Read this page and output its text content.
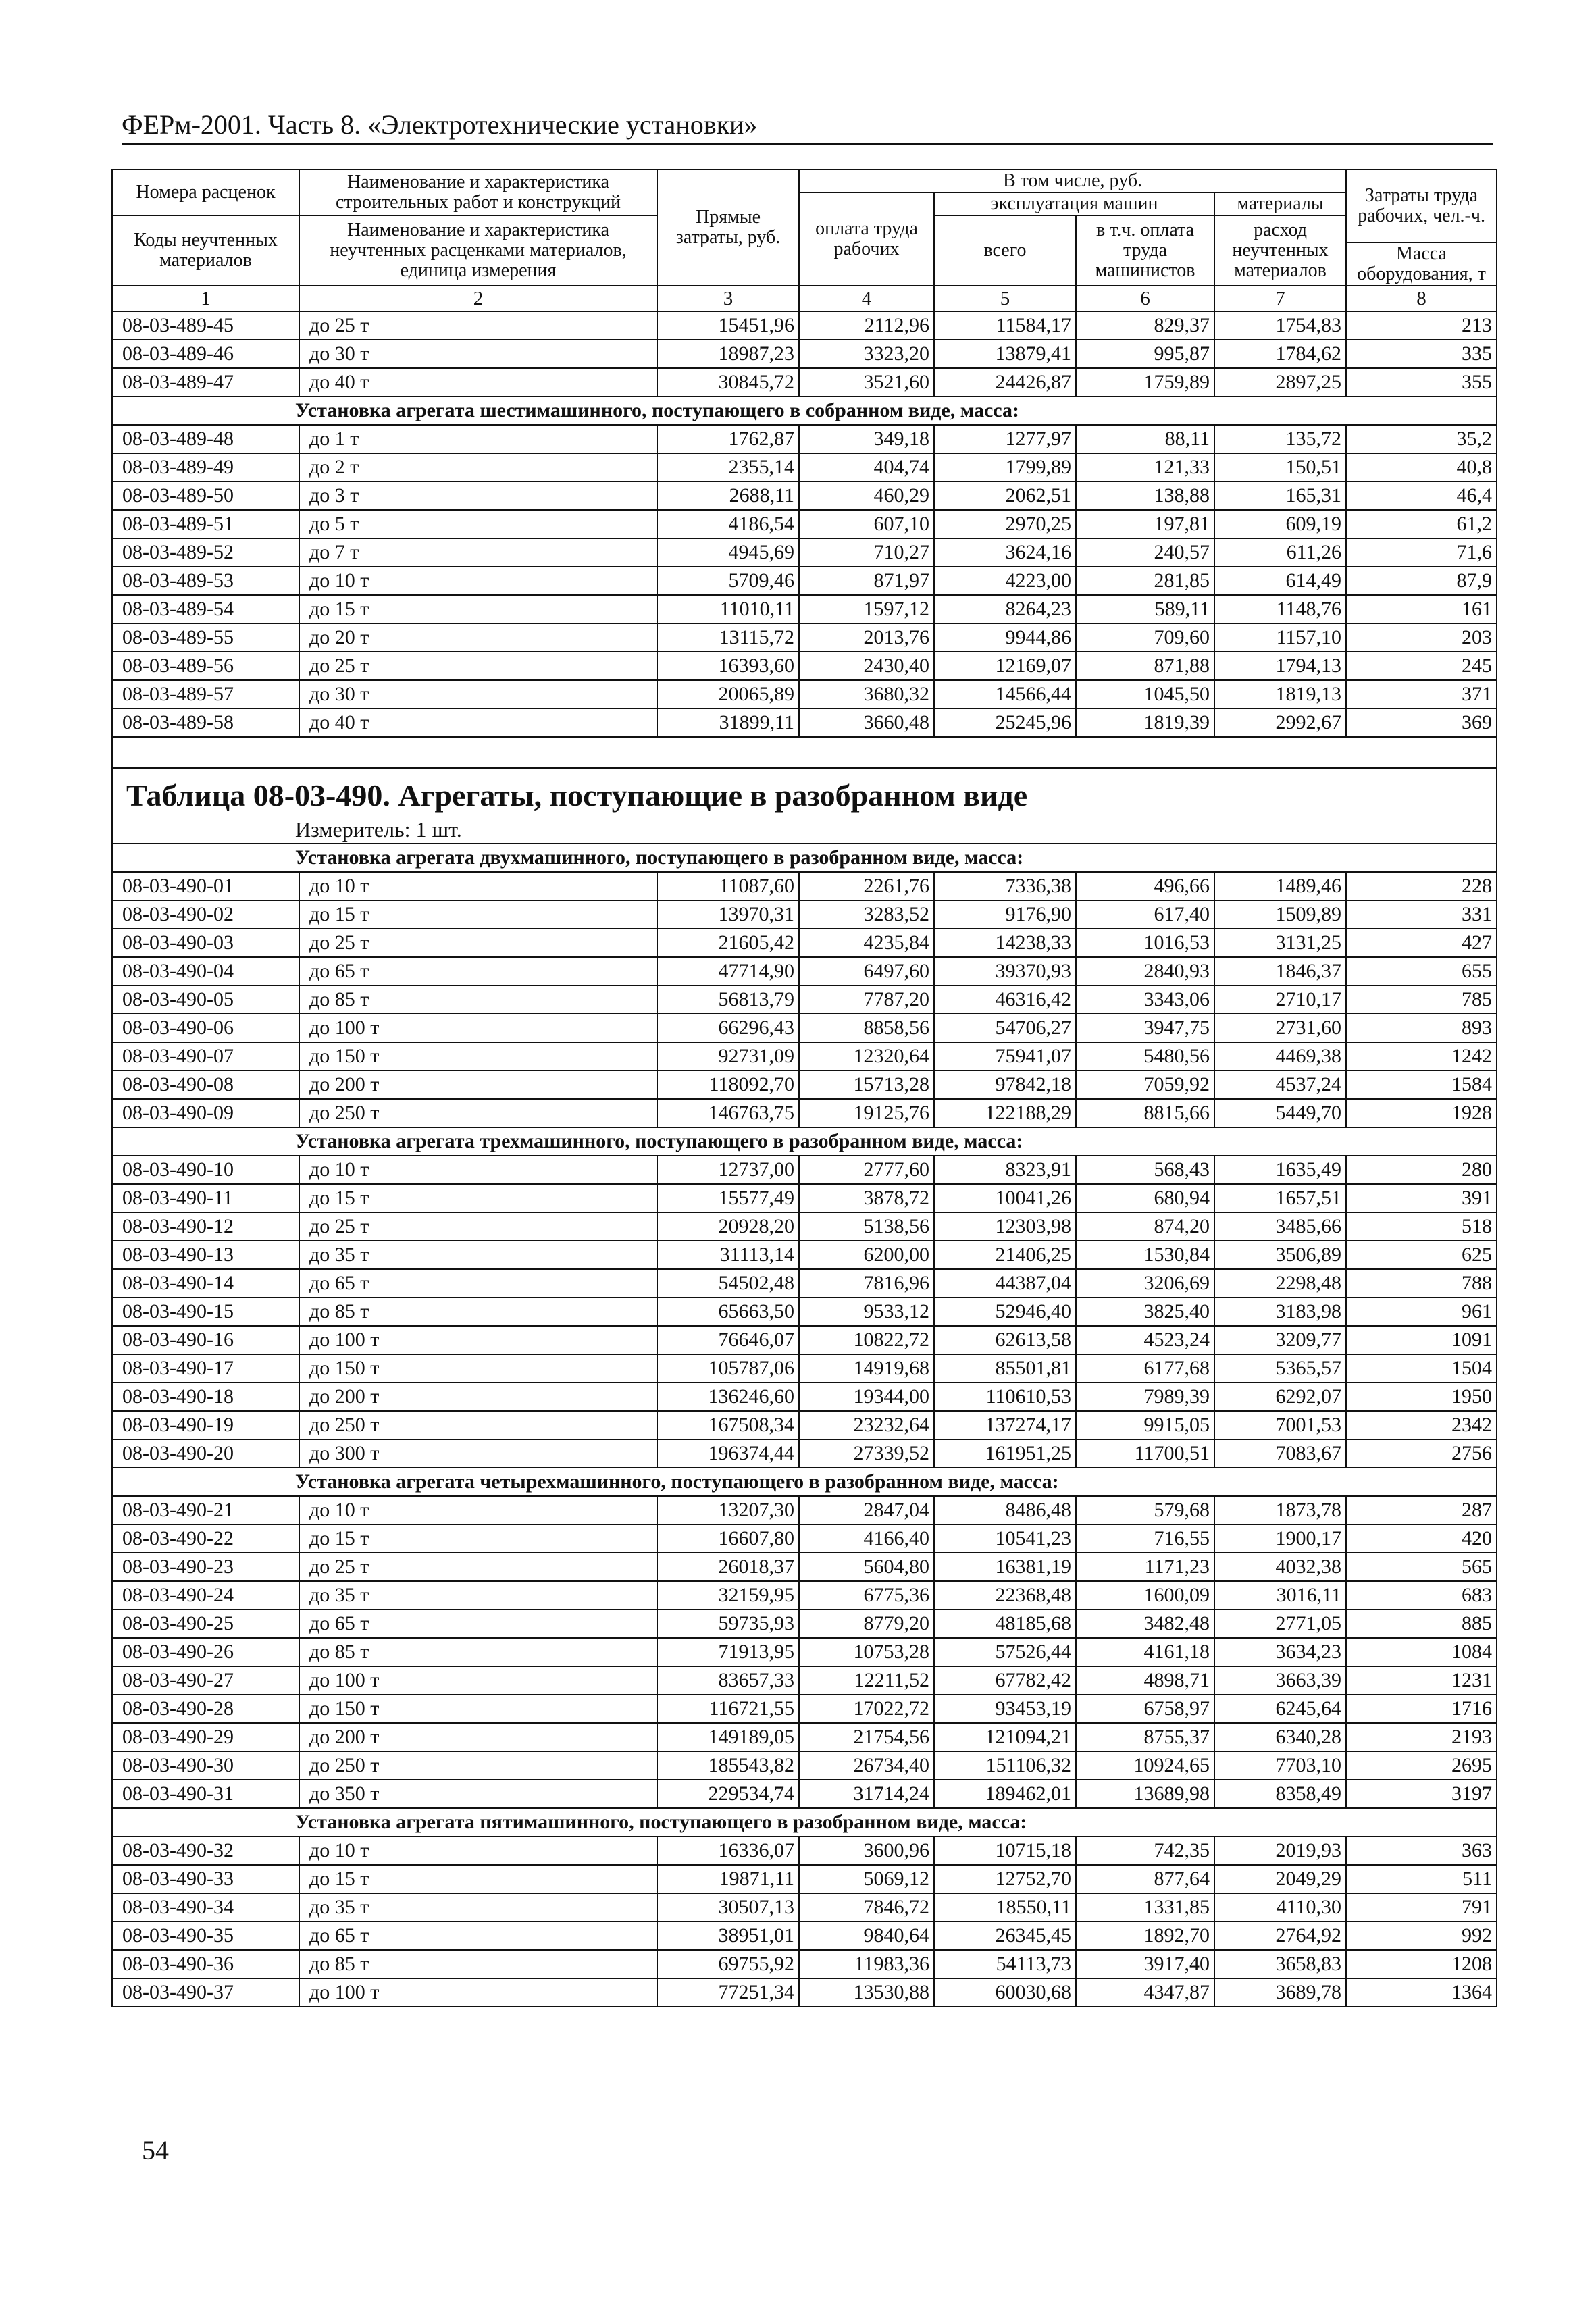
ФЕРм-2001. Часть 8. «Электротехнические установки»
Номера расценок	Наименование и характеристика строительных работ и конструкций	Прямые затраты, руб.	В том числе, руб.				Затраты труда рабочих, чел.-ч.
			оплата труда рабочих	эксплуатация машин		материалы	
Коды неучтенных материалов	Наименование и характеристика неучтенных расценками материалов, единица измерения			всего	в т.ч. оплата труда машинистов	расход неучтенных материалов	
							Масса оборудования, т
1	2	3	4	5	6	7	8
08-03-489-45	до 25 т	15451,96	2112,96	11584,17	829,37	1754,83	213
08-03-489-46	до 30 т	18987,23	3323,20	13879,41	995,87	1784,62	335
08-03-489-47	до 40 т	30845,72	3521,60	24426,87	1759,89	2897,25	355
Установка агрегата шестимашинного, поступающего в собранном виде, масса:							
08-03-489-48	до 1 т	1762,87	349,18	1277,97	88,11	135,72	35,2
08-03-489-49	до 2 т	2355,14	404,74	1799,89	121,33	150,51	40,8
08-03-489-50	до 3 т	2688,11	460,29	2062,51	138,88	165,31	46,4
08-03-489-51	до 5 т	4186,54	607,10	2970,25	197,81	609,19	61,2
08-03-489-52	до 7 т	4945,69	710,27	3624,16	240,57	611,26	71,6
08-03-489-53	до 10 т	5709,46	871,97	4223,00	281,85	614,49	87,9
08-03-489-54	до 15 т	11010,11	1597,12	8264,23	589,11	1148,76	161
08-03-489-55	до 20 т	13115,72	2013,76	9944,86	709,60	1157,10	203
08-03-489-56	до 25 т	16393,60	2430,40	12169,07	871,88	1794,13	245
08-03-489-57	до 30 т	20065,89	3680,32	14566,44	1045,50	1819,13	371
08-03-489-58	до 40 т	31899,11	3660,48	25245,96	1819,39	2992,67	369

Таблица 08-03-490. Агрегаты, поступающие в разобранном виде							
Измеритель: 1 шт.							
Установка агрегата двухмашинного, поступающего в разобранном виде, масса:							
08-03-490-01	до 10 т	11087,60	2261,76	7336,38	496,66	1489,46	228
08-03-490-02	до 15 т	13970,31	3283,52	9176,90	617,40	1509,89	331
08-03-490-03	до 25 т	21605,42	4235,84	14238,33	1016,53	3131,25	427
08-03-490-04	до 65 т	47714,90	6497,60	39370,93	2840,93	1846,37	655
08-03-490-05	до 85 т	56813,79	7787,20	46316,42	3343,06	2710,17	785
08-03-490-06	до 100 т	66296,43	8858,56	54706,27	3947,75	2731,60	893
08-03-490-07	до 150 т	92731,09	12320,64	75941,07	5480,56	4469,38	1242
08-03-490-08	до 200 т	118092,70	15713,28	97842,18	7059,92	4537,24	1584
08-03-490-09	до 250 т	146763,75	19125,76	122188,29	8815,66	5449,70	1928
Установка агрегата трехмашинного, поступающего в разобранном виде, масса:							
08-03-490-10	до 10 т	12737,00	2777,60	8323,91	568,43	1635,49	280
08-03-490-11	до 15 т	15577,49	3878,72	10041,26	680,94	1657,51	391
08-03-490-12	до 25 т	20928,20	5138,56	12303,98	874,20	3485,66	518
08-03-490-13	до 35 т	31113,14	6200,00	21406,25	1530,84	3506,89	625
08-03-490-14	до 65 т	54502,48	7816,96	44387,04	3206,69	2298,48	788
08-03-490-15	до 85 т	65663,50	9533,12	52946,40	3825,40	3183,98	961
08-03-490-16	до 100 т	76646,07	10822,72	62613,58	4523,24	3209,77	1091
08-03-490-17	до 150 т	105787,06	14919,68	85501,81	6177,68	5365,57	1504
08-03-490-18	до 200 т	136246,60	19344,00	110610,53	7989,39	6292,07	1950
08-03-490-19	до 250 т	167508,34	23232,64	137274,17	9915,05	7001,53	2342
08-03-490-20	до 300 т	196374,44	27339,52	161951,25	11700,51	7083,67	2756
Установка агрегата четырехмашинного, поступающего в разобранном виде, масса:							
08-03-490-21	до 10 т	13207,30	2847,04	8486,48	579,68	1873,78	287
08-03-490-22	до 15 т	16607,80	4166,40	10541,23	716,55	1900,17	420
08-03-490-23	до 25 т	26018,37	5604,80	16381,19	1171,23	4032,38	565
08-03-490-24	до 35 т	32159,95	6775,36	22368,48	1600,09	3016,11	683
08-03-490-25	до 65 т	59735,93	8779,20	48185,68	3482,48	2771,05	885
08-03-490-26	до 85 т	71913,95	10753,28	57526,44	4161,18	3634,23	1084
08-03-490-27	до 100 т	83657,33	12211,52	67782,42	4898,71	3663,39	1231
08-03-490-28	до 150 т	116721,55	17022,72	93453,19	6758,97	6245,64	1716
08-03-490-29	до 200 т	149189,05	21754,56	121094,21	8755,37	6340,28	2193
08-03-490-30	до 250 т	185543,82	26734,40	151106,32	10924,65	7703,10	2695
08-03-490-31	до 350 т	229534,74	31714,24	189462,01	13689,98	8358,49	3197
Установка агрегата пятимашинного, поступающего в разобранном виде, масса:							
08-03-490-32	до 10 т	16336,07	3600,96	10715,18	742,35	2019,93	363
08-03-490-33	до 15 т	19871,11	5069,12	12752,70	877,64	2049,29	511
08-03-490-34	до 35 т	30507,13	7846,72	18550,11	1331,85	4110,30	791
08-03-490-35	до 65 т	38951,01	9840,64	26345,45	1892,70	2764,92	992
08-03-490-36	до 85 т	69755,92	11983,36	54113,73	3917,40	3658,83	1208
08-03-490-37	до 100 т	77251,34	13530,88	60030,68	4347,87	3689,78	1364
54
